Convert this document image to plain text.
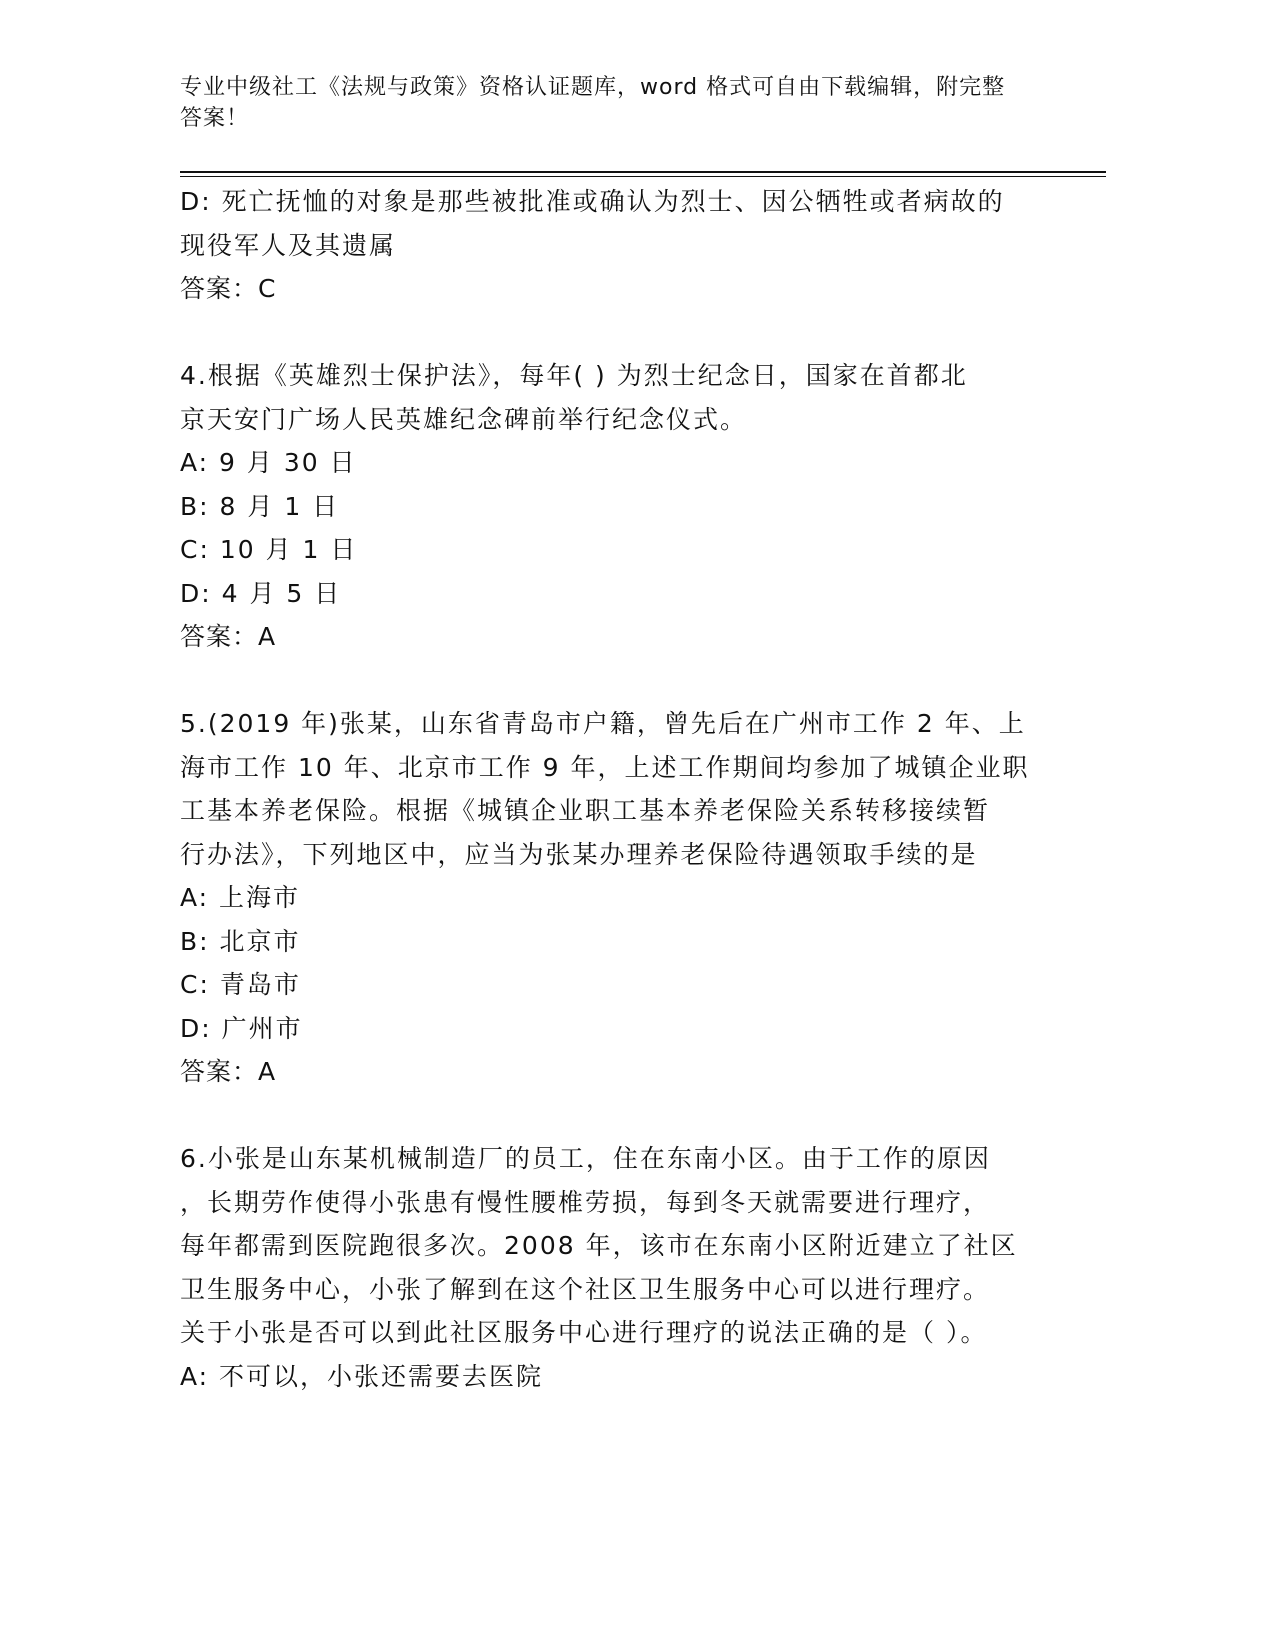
专业中级社工《法规与政策》资格认证题库，word 格式可自由下载编辑，附完整
答案！

D: 死亡抚恤的对象是那些被批准或确认为烈士、因公牺牲或者病故的

现役军人及其遗属

答案：C

4.根据《英雄烈士保护法》，每年( ) 为烈士纪念日，国家在首都北

京天安门广场人民英雄纪念碑前举行纪念仪式。

A: 9 月 30 日

B: 8 月 1 日

C: 10 月 1 日

D: 4 月 5 日

答案：A

5.(2019 年)张某，山东省青岛市户籍，曾先后在广州市工作 2 年、上

海市工作 10 年、北京市工作 9 年，上述工作期间均参加了城镇企业职

工基本养老保险。根据《城镇企业职工基本养老保险关系转移接续暂

行办法》，下列地区中，应当为张某办理养老保险待遇领取手续的是

A: 上海市

B: 北京市

C: 青岛市

D: 广州市

答案：A

6.小张是山东某机械制造厂的员工，住在东南小区。由于工作的原因

，长期劳作使得小张患有慢性腰椎劳损，每到冬天就需要进行理疗，

每年都需到医院跑很多次。2008 年，该市在东南小区附近建立了社区

卫生服务中心，小张了解到在这个社区卫生服务中心可以进行理疗。

关于小张是否可以到此社区服务中心进行理疗的说法正确的是（ ）。

A: 不可以，小张还需要去医院
